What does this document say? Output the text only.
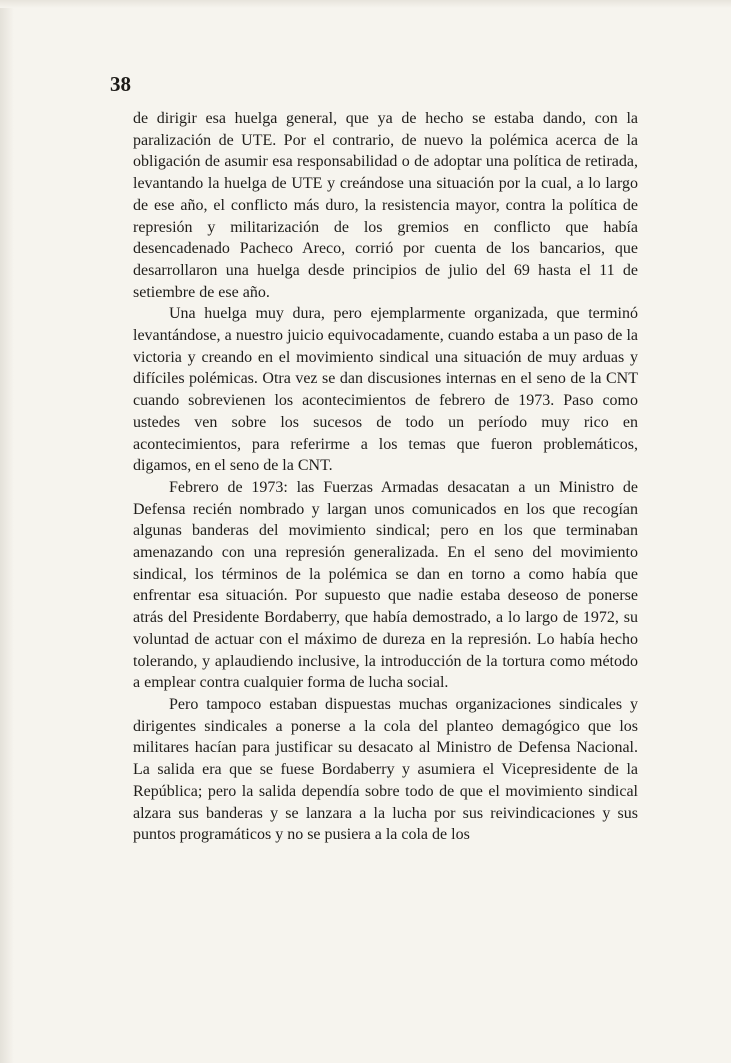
38

de dirigir esa huelga general, que ya de hecho se estaba dando, con la paralización de UTE. Por el contrario, de nuevo la polémica acerca de la obligación de asumir esa responsabilidad o de adoptar una política de retirada, levantando la huelga de UTE y creándose una situación por la cual, a lo largo de ese año, el conflicto más duro, la resistencia mayor, contra la política de represión y militarización de los gremios en conflicto que había desencadenado Pacheco Areco, corrió por cuenta de los bancarios, que desarrollaron una huelga desde principios de julio del 69 hasta el 11 de setiembre de ese año.

Una huelga muy dura, pero ejemplarmente organizada, que terminó levantándose, a nuestro juicio equivocadamente, cuando estaba a un paso de la victoria y creando en el movimiento sindical una situación de muy arduas y difíciles polémicas. Otra vez se dan discusiones internas en el seno de la CNT cuando sobrevienen los acontecimientos de febrero de 1973. Paso como ustedes ven sobre los sucesos de todo un período muy rico en acontecimientos, para referirme a los temas que fueron problemáticos, digamos, en el seno de la CNT.

Febrero de 1973: las Fuerzas Armadas desacatan a un Ministro de Defensa recién nombrado y largan unos comunicados en los que recogían algunas banderas del movimiento sindical; pero en los que terminaban amenazando con una represión generalizada. En el seno del movimiento sindical, los términos de la polémica se dan en torno a como había que enfrentar esa situación. Por supuesto que nadie estaba deseoso de ponerse atrás del Presidente Bordaberry, que había demostrado, a lo largo de 1972, su voluntad de actuar con el máximo de dureza en la represión. Lo había hecho tolerando, y aplaudiendo inclusive, la introducción de la tortura como método a emplear contra cualquier forma de lucha social.

Pero tampoco estaban dispuestas muchas organizaciones sindicales y dirigentes sindicales a ponerse a la cola del planteo demagógico que los militares hacían para justificar su desacato al Ministro de Defensa Nacional. La salida era que se fuese Bordaberry y asumiera el Vicepresidente de la República; pero la salida dependía sobre todo de que el movimiento sindical alzara sus banderas y se lanzara a la lucha por sus reivindicaciones y sus puntos programáticos y no se pusiera a la cola de los
